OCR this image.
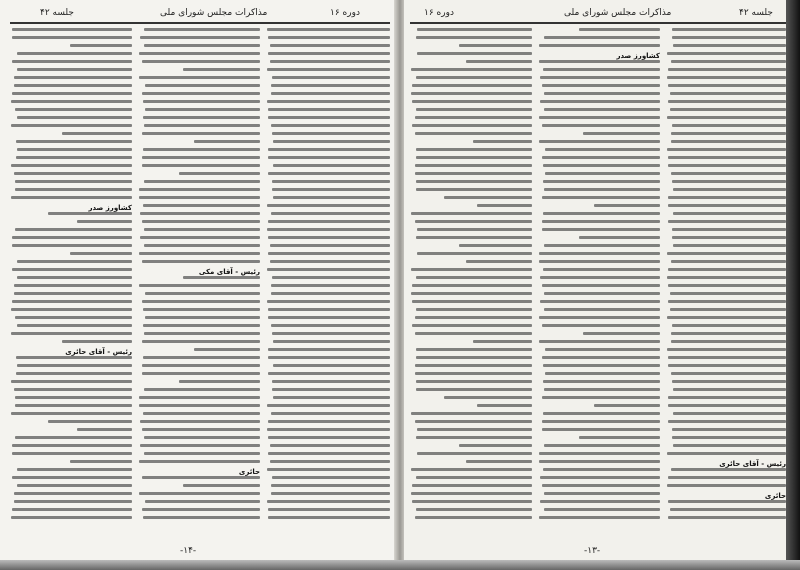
جلسه ۴۲	مذاکرات مجلس شورای ملی	دوره ۱۶
کشاورز صدر
رئیس - آقای حائری
رئیس - آقای مکی
حائری
-۱۴-
جلسه ۴۲
مذاکرات مجلس شورای ملی
دوره ۱۶
کشاورز صدر
رئیس - آقای حائری
حائری
-۱۳-
